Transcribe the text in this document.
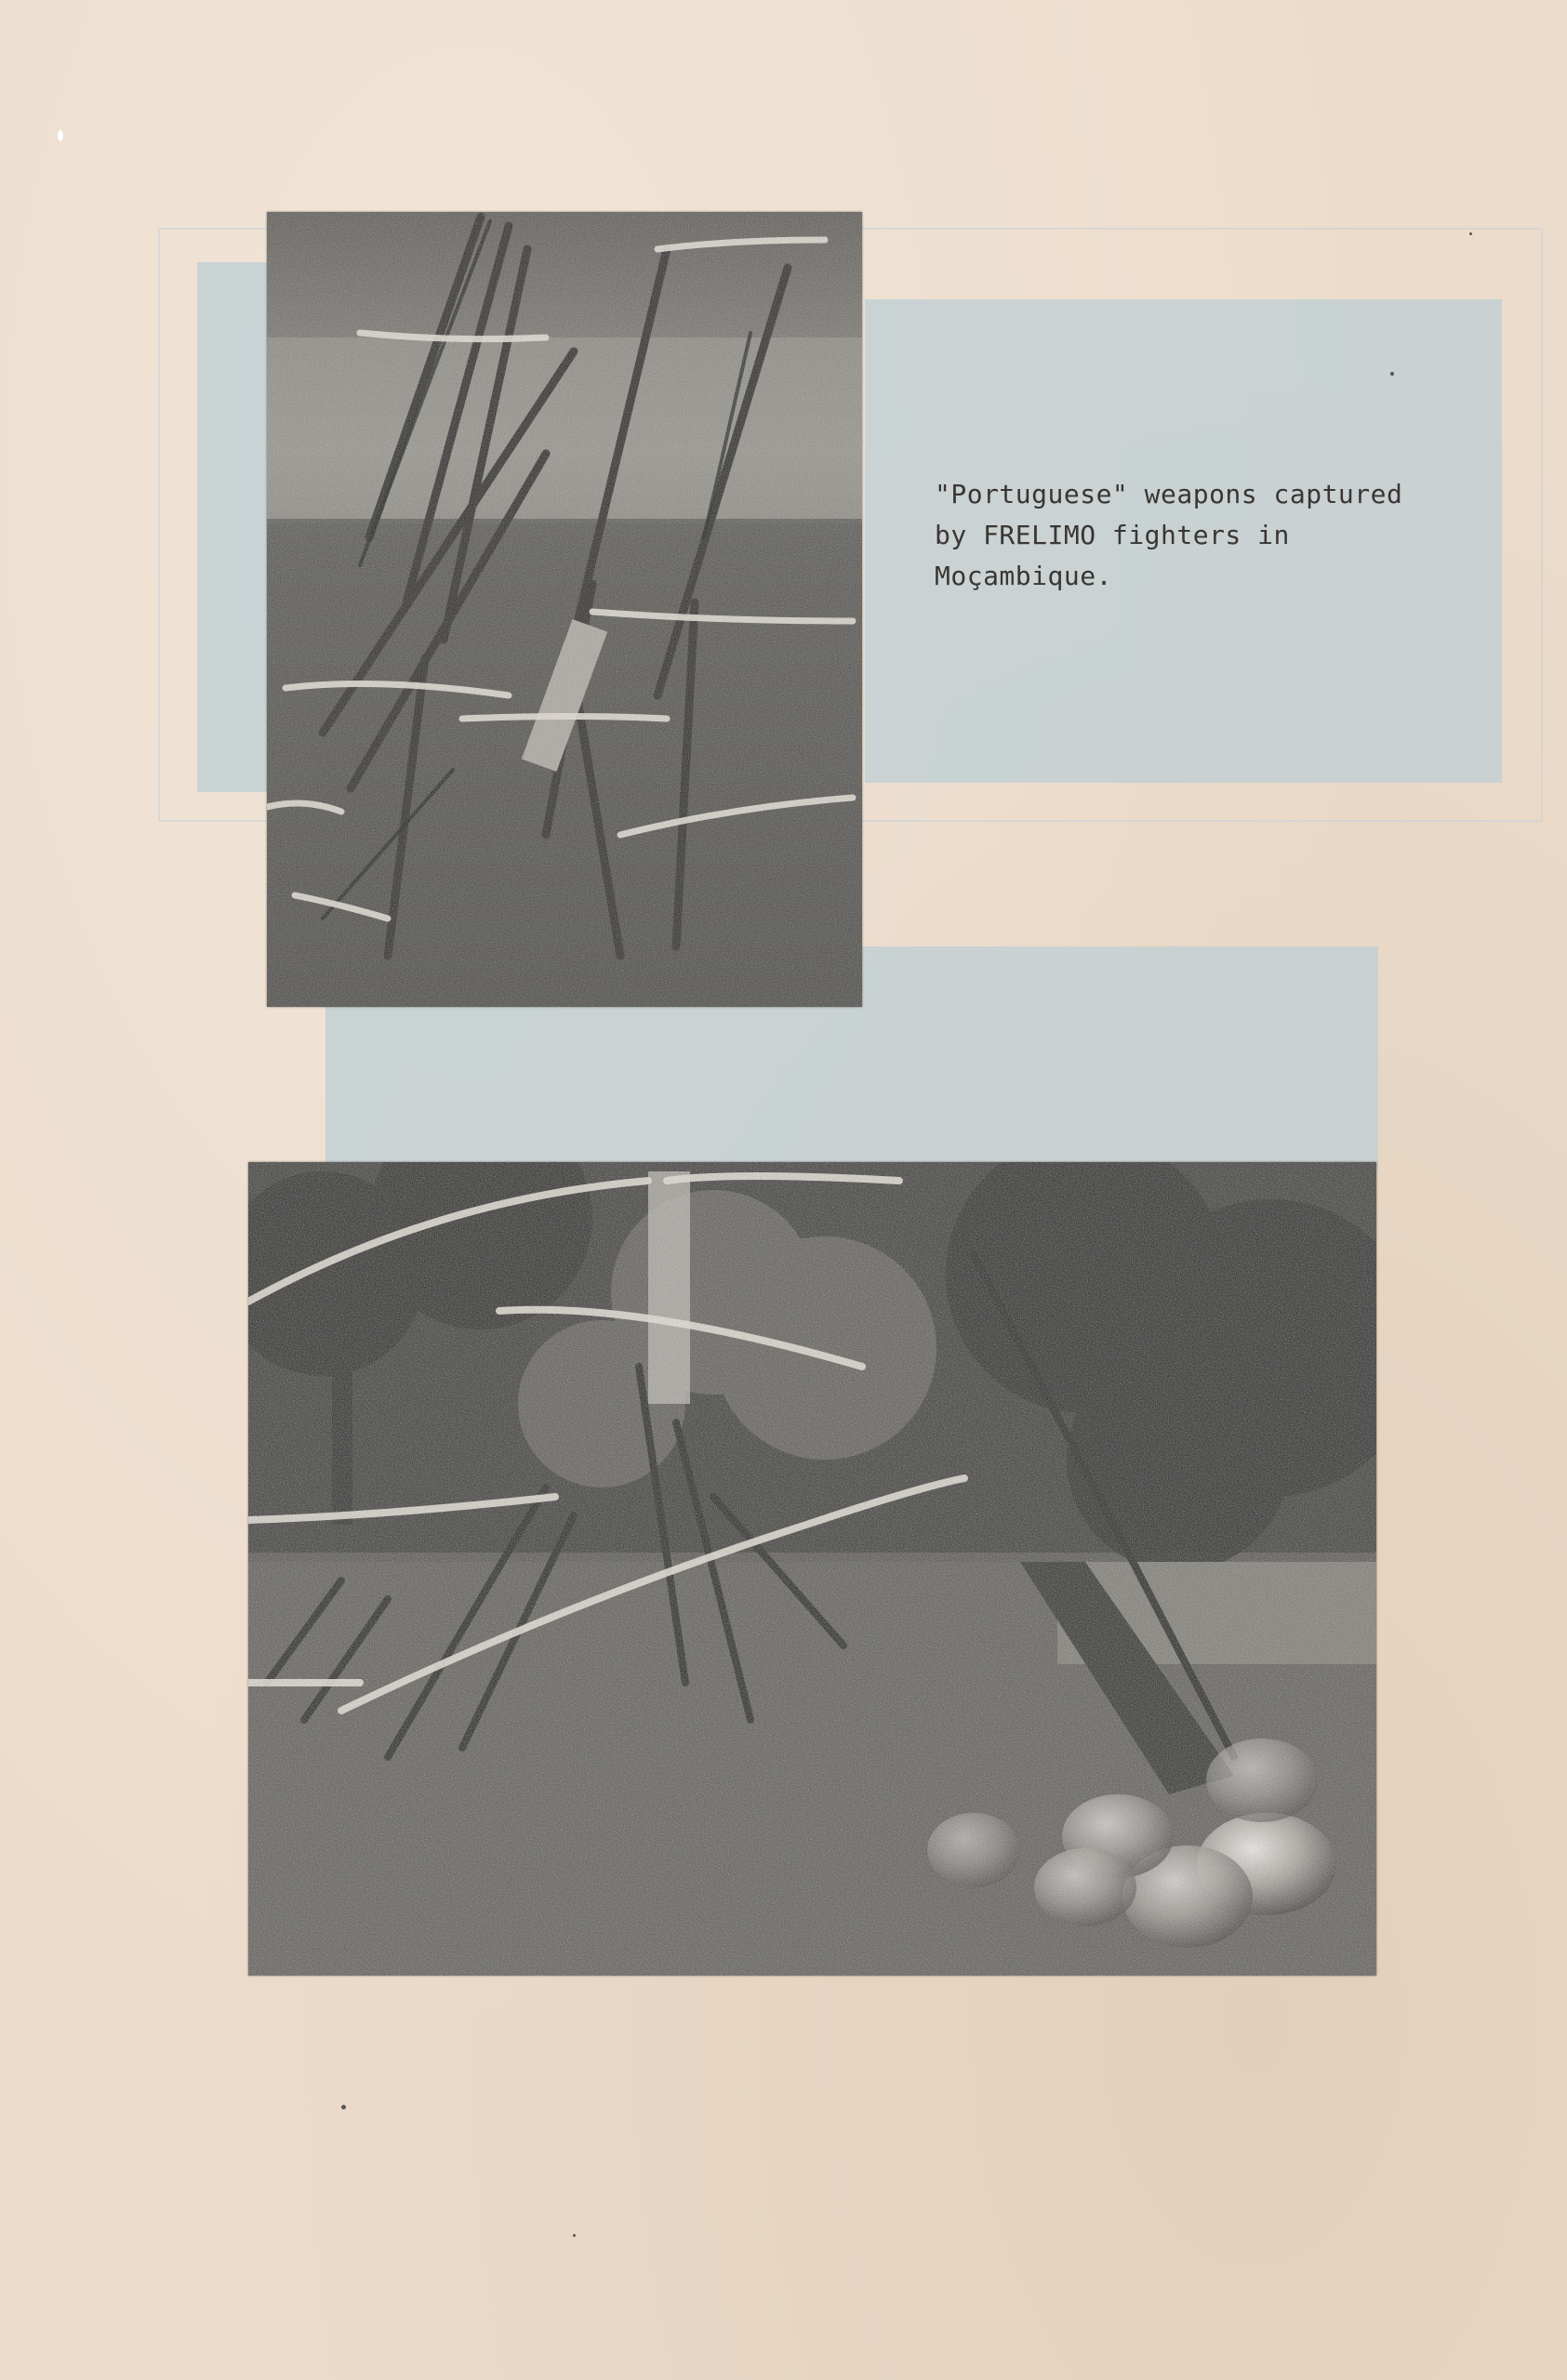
"Portuguese" weapons captured
by FRELIMO fighters in
Moçambique.
